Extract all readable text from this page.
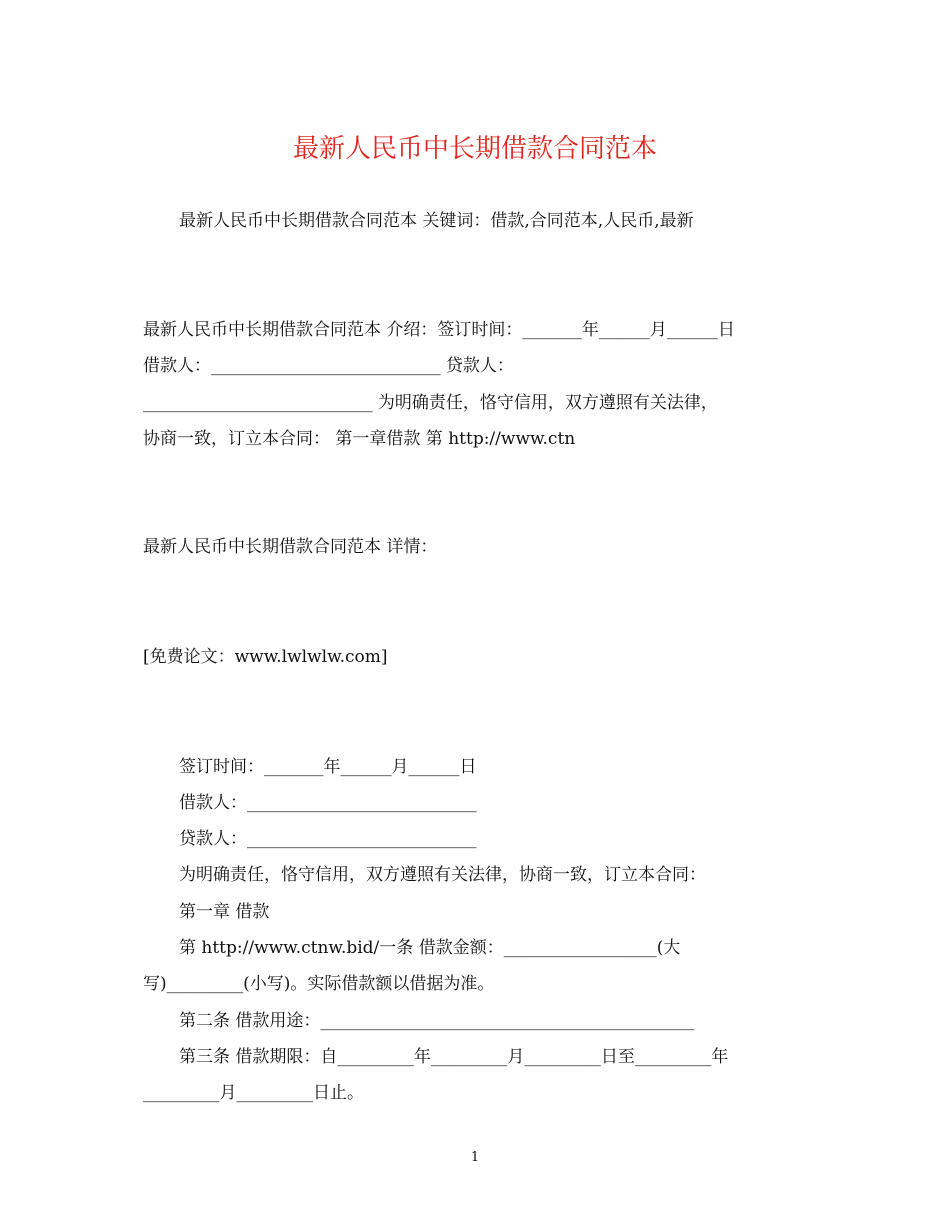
最新人民币中长期借款合同范本
最新人民币中长期借款合同范本 关键词：借款,合同范本,人民币,最新
最新人民币中长期借款合同范本 介绍：签订时间：_______年______月______日
借款人：___________________________ 贷款人：
___________________________ 为明确责任，恪守信用，双方遵照有关法律，
协商一致，订立本合同： 第一章借款 第 http://www.ctn
最新人民币中长期借款合同范本 详情：
[免费论文：www.lwlwlw.com]
签订时间：_______年______月______日
借款人：___________________________
贷款人：___________________________
为明确责任，恪守信用，双方遵照有关法律，协商一致，订立本合同：
第一章 借款
第 http://www.ctnw.bid/一条 借款金额：__________________(大
写)_________(小写)。实际借款额以借据为准。
第二条 借款用途：____________________________________________
第三条 借款期限：自_________年_________月_________日至_________年
_________月_________日止。
1
